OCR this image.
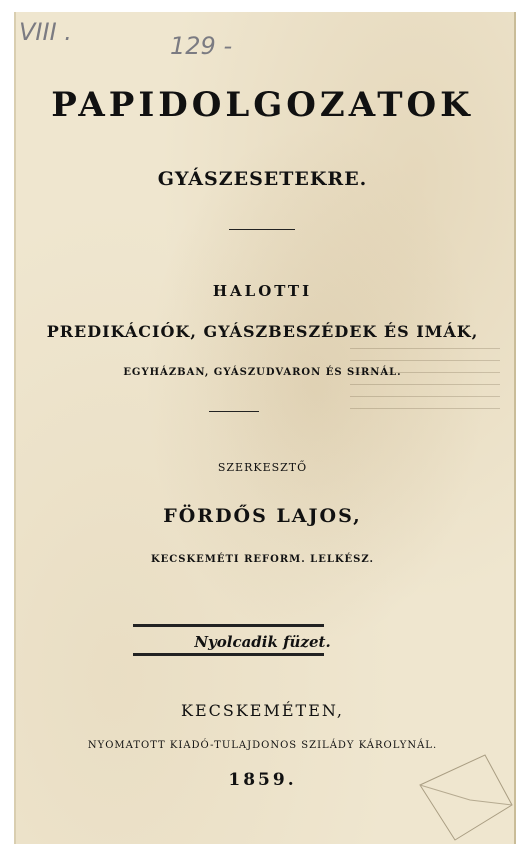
VIII .	129 -
PAPIDOLGOZATOK
GYÁSZESETEKRE.
HALOTTI
PREDIKÁCIÓK, GYÁSZBESZÉDEK ÉS IMÁK,
EGYHÁZBAN, GYÁSZUDVARON ÉS SIRNÁL.
SZERKESZTŐ
FÖRDŐS LAJOS,
KECSKEMÉTI REFORM. LELKÉSZ.
Nyolcadik füzet.
KECSKEMÉTEN,
NYOMATOTT KIADÓ-TULAJDONOS SZILÁDY KÁROLYNÁL.
1859.
